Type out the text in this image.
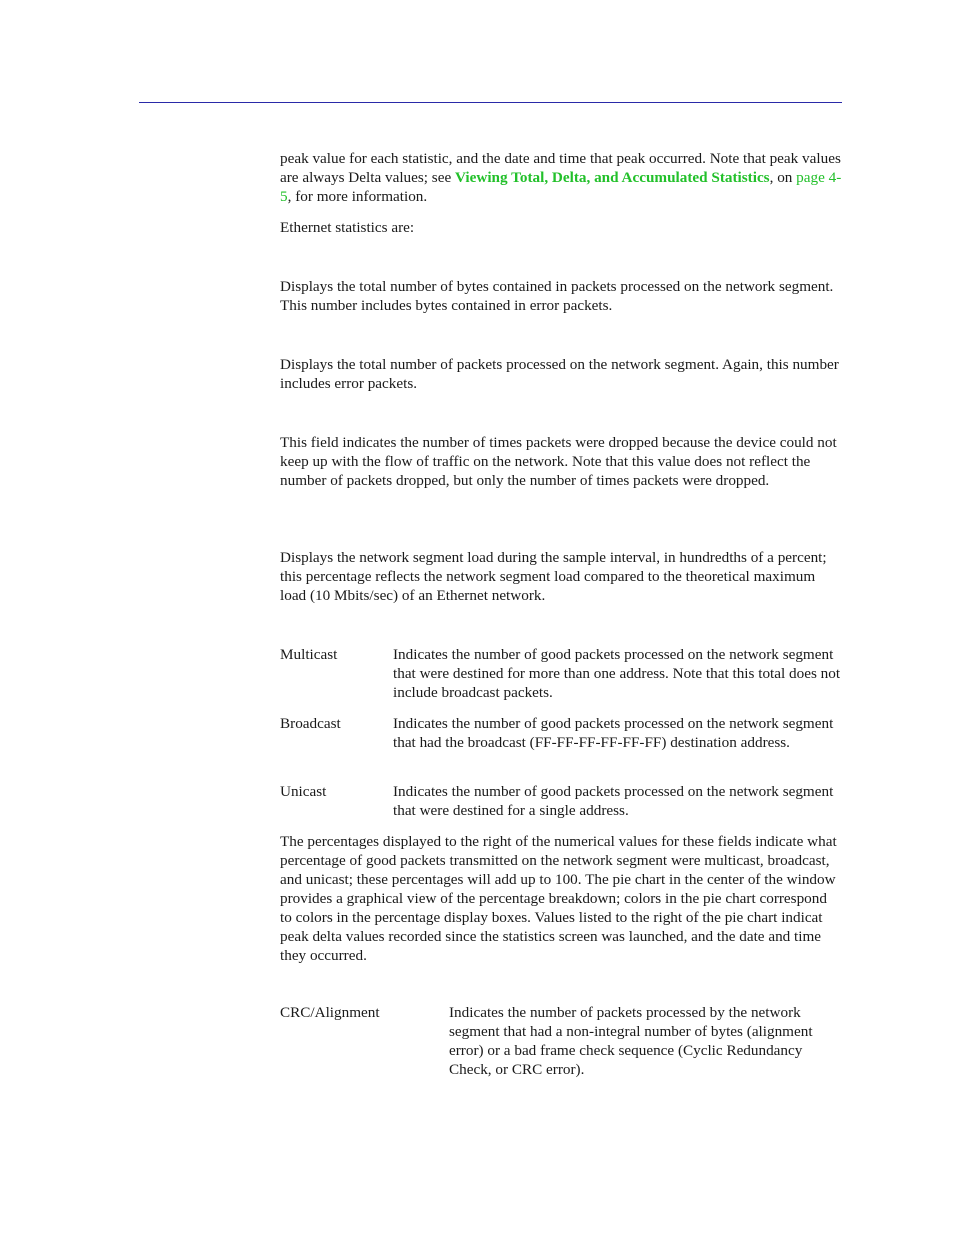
peak value for each statistic, and the date and time that peak occurred. Note that peak values are always Delta values; see Viewing Total, Delta, and Accumulated Statistics, on page 4-5, for more information.

Ethernet statistics are:

Displays the total number of bytes contained in packets processed on the network segment. This number includes bytes contained in error packets.

Displays the total number of packets processed on the network segment. Again, this number includes error packets.

This field indicates the number of times packets were dropped because the device could not keep up with the flow of traffic on the network. Note that this value does not reflect the number of packets dropped, but only the number of times packets were dropped.

Displays the network segment load during the sample interval, in hundredths of a percent; this percentage reflects the network segment load compared to the theoretical maximum load (10 Mbits/sec) of an Ethernet network.

Multicast	Indicates the number of good packets processed on the network segment that were destined for more than one address. Note that this total does not include broadcast packets.

Broadcast	Indicates the number of good packets processed on the network segment that had the broadcast (FF-FF-FF-FF-FF-FF) destination address.

Unicast	Indicates the number of good packets processed on the network segment that were destined for a single address.

The percentages displayed to the right of the numerical values for these fields indicate what percentage of good packets transmitted on the network segment were multicast, broadcast, and unicast; these percentages will add up to 100. The pie chart in the center of the window provides a graphical view of the percentage breakdown; colors in the pie chart correspond to colors in the percentage display boxes. Values listed to the right of the pie chart indicat peak delta values recorded since the statistics screen was launched, and the date and time they occurred.

CRC/Alignment	Indicates the number of packets processed by the network segment that had a non-integral number of bytes (alignment error) or a bad frame check sequence (Cyclic Redundancy Check, or CRC error).
